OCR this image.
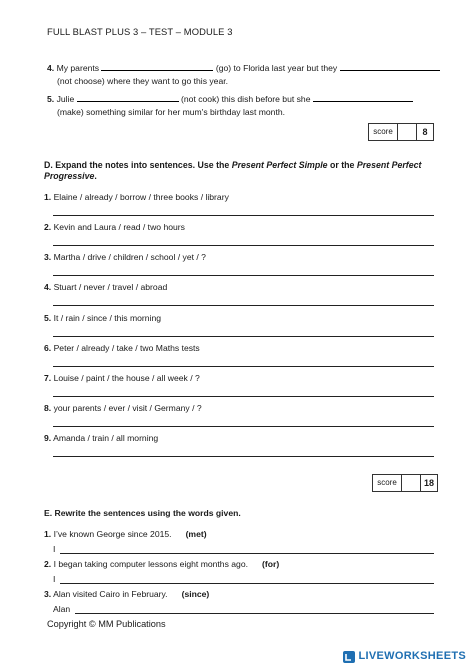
FULL BLAST PLUS 3 – TEST – MODULE 3
4. My parents	(go) to Florida last year but they
(not choose) where they want to go this year.
5. Julie	(not cook) this dish before but she
(make) something similar for her mum's birthday last month.
score	8
D. Expand the notes into sentences. Use the Present Perfect Simple or the Present Perfect Progressive.
1. Elaine / already / borrow / three books / library
2. Kevin and Laura / read / two hours
3. Martha / drive / children / school / yet / ?
4. Stuart / never / travel / abroad
5. It / rain / since / this morning
6. Peter / already / take / two Maths tests
7. Louise / paint / the house / all week / ?
8. your parents / ever / visit / Germany / ?
9. Amanda / train / all morning
score	18
E. Rewrite the sentences using the words given.
1. I’ve known George since 2015. (met)
I
2. I began taking computer lessons eight months ago. (for)
I
3. Alan visited Cairo in February. (since)
Alan
Copyright © MM Publications
LIVEWORKSHEETS
